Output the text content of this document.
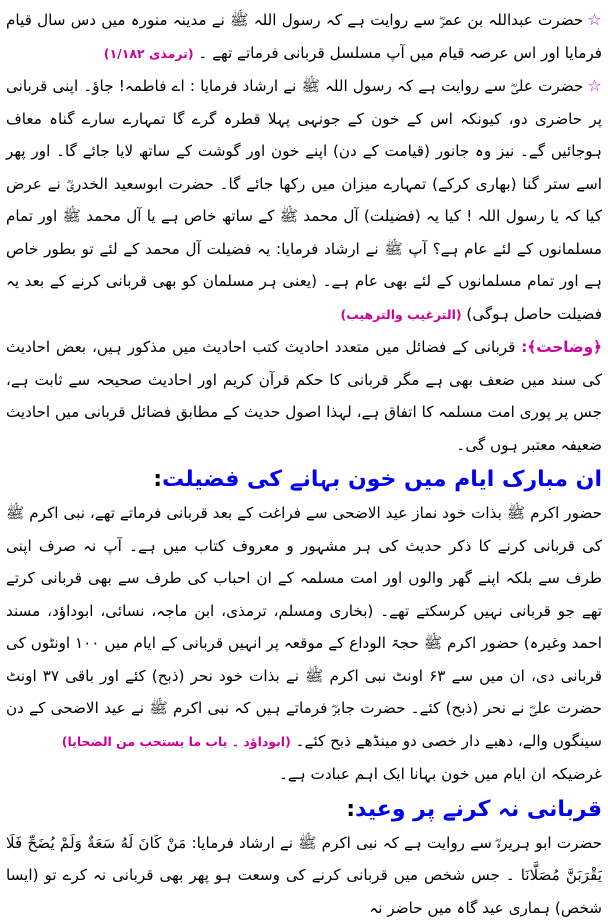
☆حضرت عبداللہ بن عمرؓ سے روایت ہے کہ رسول اللہ ﷺ نے مدینہ منورہ میں دس سال قیام فرمایا اور اس عرصہ قیام میں آپ مسلسل قربانی فرماتے تھے ۔ (ترمذی ۱/۱۸۲)

☆حضرت علیؓ سے روایت ہے کہ رسول اللہ ﷺ نے ارشاد فرمایا : اے فاطمہ! جاؤ۔ اپنی قربانی پر حاضری دو، کیونکہ اس کے خون کے جونہی پہلا قطرہ گرے گا تمہارے سارے گناہ معاف ہوجائیں گے۔ نیز وہ جانور (قیامت کے دن) اپنے خون اور گوشت کے ساتھ لایا جائے گا۔ اور پھر اسے ستر گنا (بھاری کرکے) تمہارے میزان میں رکھا جائے گا۔ حضرت ابوسعید الخدریؓ نے عرض کیا کہ یا رسول اللہ ! کیا یہ (فضیلت) آل محمد ﷺ کے ساتھ خاص ہے یا آل محمد ﷺ اور تمام مسلمانوں کے لئے عام ہے؟ آپ ﷺ نے ارشاد فرمایا: یہ فضیلت آل محمد کے لئے تو بطور خاص ہے اور تمام مسلمانوں کے لئے بھی عام ہے۔ (یعنی ہر مسلمان کو بھی قربانی کرنے کے بعد یہ فضیلت حاصل ہوگی) (الترغیب والترھیب)

﴿وضاحت﴾: قربانی کے فضائل میں متعدد احادیث کتب احادیث میں مذکور ہیں، بعض احادیث کی سند میں ضعف بھی ہے مگر قربانی کا حکم قرآن کریم اور احادیث صحیحہ سے ثابت ہے، جس پر پوری امت مسلمہ کا اتفاق ہے، لہذا اصول حدیث کے مطابق فضائل قربانی میں احادیث ضعیفہ معتبر ہوں گی۔

ان مبارک ایام میں خون بہانے کی فضیلت:

حضور اکرم ﷺ بذات خود نماز عید الاضحی سے فراغت کے بعد قربانی فرماتے تھے، نبی اکرم ﷺ کی قربانی کرنے کا ذکر حدیث کی ہر مشہور و معروف کتاب میں ہے۔ آپ نہ صرف اپنی طرف سے بلکہ اپنے گھر والوں اور امت مسلمہ کے ان احباب کی طرف سے بھی قربانی کرتے تھے جو قربانی نہیں کرسکتے تھے۔ (بخاری ومسلم، ترمذی، ابن ماجہ، نسائی، ابوداؤد، مسند احمد وغیرہ) حضور اکرم ﷺ حجۃ الوداع کے موقعہ پر انہیں قربانی کے ایام میں ۱۰۰ اونٹوں کی قربانی دی، ان میں سے ۶۳ اونٹ نبی اکرم ﷺ نے بذات خود نحر (ذبح) کئے اور باقی ۳۷ اونٹ حضرت علیؓ نے نحر (ذبح) کئے۔ حضرت جابرؓ فرماتے ہیں کہ نبی اکرم ﷺ نے عید الاضحی کے دن سینگوں والے، دھبے دار خصی دو مینڈھے ذبح کئے۔ (ابوداؤد ۔ باب ما یستحب من الضحایا)

غرضیکہ ان ایام میں خون بہانا ایک اہم عبادت ہے۔

قربانی نہ کرنے پر وعید:

حضرت ابو ہریرہؓ سے روایت ہے کہ نبی اکرم ﷺ نے ارشاد فرمایا: مَنْ كَانَ لَهُ سَعَةٌ وَلَمْ يُضَحِّ فَلَا يَقْرَبَنَّ مُصَلَّانَا ۔ جس شخص میں قربانی کرنے کی وسعت ہو پھر بھی قربانی نہ کرے تو (ایسا شخص) ہماری عید گاہ میں حاضر نہ
